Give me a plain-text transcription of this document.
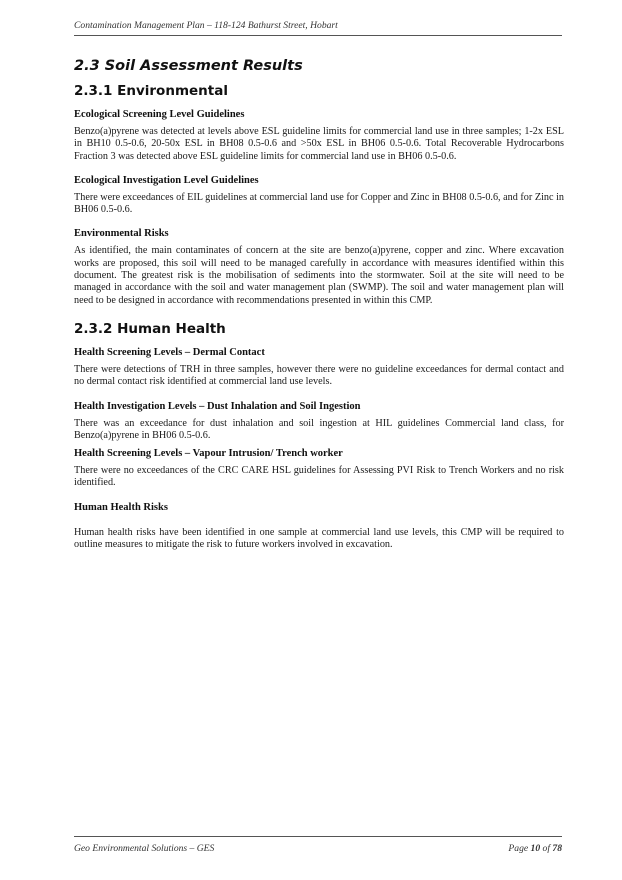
Contamination Management Plan – 118-124 Bathurst Street, Hobart
2.3 Soil Assessment Results
2.3.1 Environmental
Ecological Screening Level Guidelines

Benzo(a)pyrene was detected at levels above ESL guideline limits for commercial land use in three samples; 1-2x ESL in BH10 0.5-0.6, 20-50x ESL in BH08 0.5-0.6 and >50x ESL in BH06 0.5-0.6. Total Recoverable Hydrocarbons Fraction 3 was detected above ESL guideline limits for commercial land use in BH06 0.5-0.6.

Ecological Investigation Level Guidelines

There were exceedances of EIL guidelines at commercial land use for Copper and Zinc in BH08 0.5-0.6, and for Zinc in BH06 0.5-0.6.

Environmental Risks

As identified, the main contaminates of concern at the site are benzo(a)pyrene, copper and zinc. Where excavation works are proposed, this soil will need to be managed carefully in accordance with measures identified within this document. The greatest risk is the mobilisation of sediments into the stormwater. Soil at the site will need to be managed in accordance with the soil and water management plan (SWMP). The soil and water management plan will need to be designed in accordance with recommendations presented in within this CMP.

2.3.2 Human Health
Health Screening Levels – Dermal Contact

There were detections of TRH in three samples, however there were no guideline exceedances for dermal contact and no dermal contact risk identified at commercial land use levels.

Health Investigation Levels – Dust Inhalation and Soil Ingestion

There was an exceedance for dust inhalation and soil ingestion at HIL guidelines Commercial land class, for Benzo(a)pyrene in BH06 0.5-0.6.

Health Screening Levels – Vapour Intrusion/ Trench worker

There were no exceedances of the CRC CARE HSL guidelines for Assessing PVI Risk to Trench Workers and no risk identified.

Human Health Risks

Human health risks have been identified in one sample at commercial land use levels, this CMP will be required to outline measures to mitigate the risk to future workers involved in excavation.

Geo Environmental Solutions – GES	Page 10 of 78
